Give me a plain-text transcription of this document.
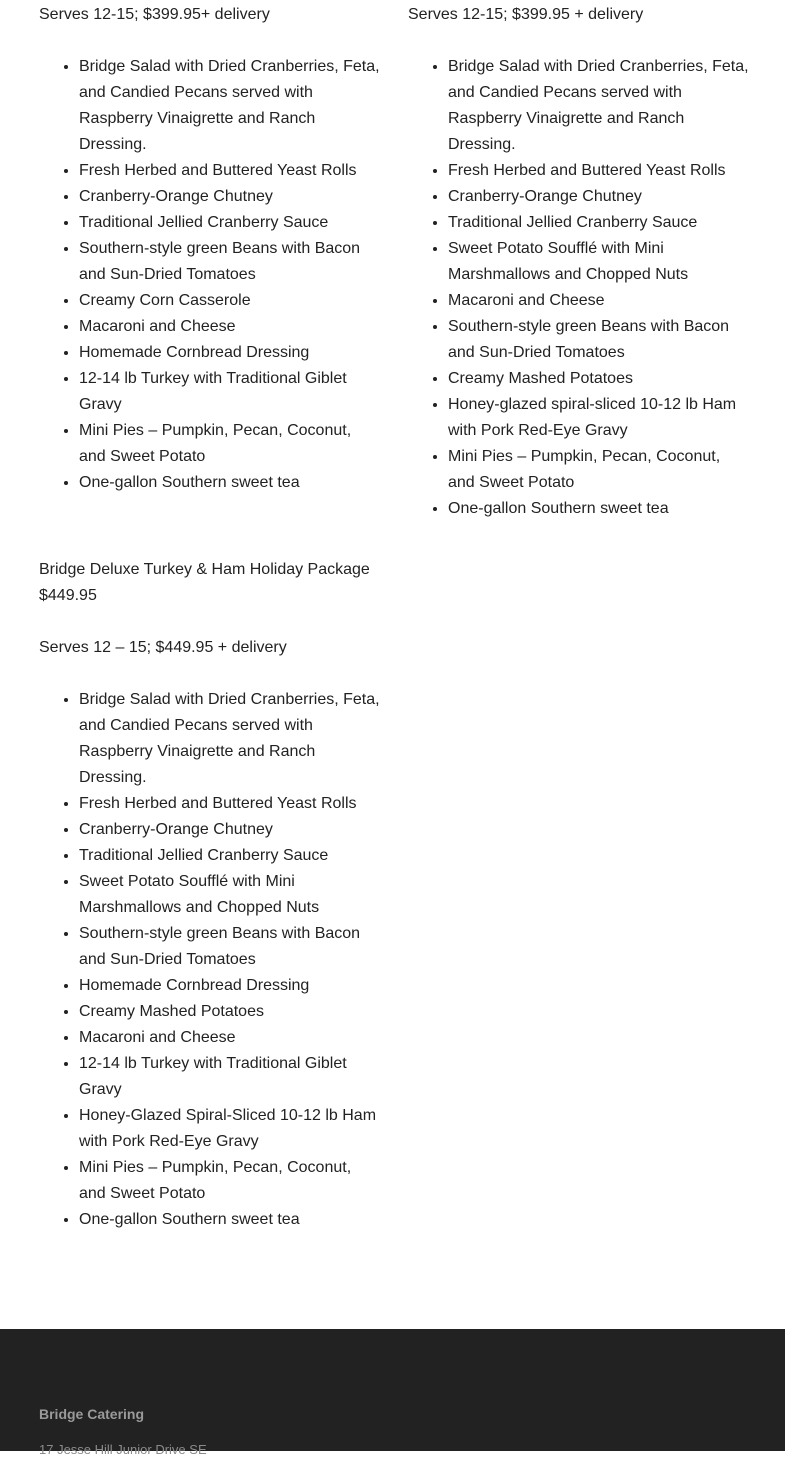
Serves 12-15; $399.95+ delivery

• Bridge Salad with Dried Cranberries, Feta, and Candied Pecans served with Raspberry Vinaigrette and Ranch Dressing.
• Fresh Herbed and Buttered Yeast Rolls
• Cranberry-Orange Chutney
• Traditional Jellied Cranberry Sauce
• Southern-style green Beans with Bacon and Sun-Dried Tomatoes
• Creamy Corn Casserole
• Macaroni and Cheese
• Homemade Cornbread Dressing
• 12-14 lb Turkey with Traditional Giblet Gravy
• Mini Pies – Pumpkin, Pecan, Coconut, and Sweet Potato
• One-gallon Southern sweet tea

Serves 12-15; $399.95 + delivery

• Bridge Salad with Dried Cranberries, Feta, and Candied Pecans served with Raspberry Vinaigrette and Ranch Dressing.
• Fresh Herbed and Buttered Yeast Rolls
• Cranberry-Orange Chutney
• Traditional Jellied Cranberry Sauce
• Sweet Potato Soufflé with Mini Marshmallows and Chopped Nuts
• Macaroni and Cheese
• Southern-style green Beans with Bacon and Sun-Dried Tomatoes
• Creamy Mashed Potatoes
• Honey-glazed spiral-sliced 10-12 lb Ham with Pork Red-Eye Gravy
• Mini Pies – Pumpkin, Pecan, Coconut, and Sweet Potato
• One-gallon Southern sweet tea

Bridge Deluxe Turkey & Ham Holiday Package

$449.95

Serves 12 – 15; $449.95 + delivery

• Bridge Salad with Dried Cranberries, Feta, and Candied Pecans served with Raspberry Vinaigrette and Ranch Dressing.
• Fresh Herbed and Buttered Yeast Rolls
• Cranberry-Orange Chutney
• Traditional Jellied Cranberry Sauce
• Sweet Potato Soufflé with Mini Marshmallows and Chopped Nuts
• Southern-style green Beans with Bacon and Sun-Dried Tomatoes
• Homemade Cornbread Dressing
• Creamy Mashed Potatoes
• Macaroni and Cheese
• 12-14 lb Turkey with Traditional Giblet Gravy
• Honey-Glazed Spiral-Sliced 10-12 lb Ham with Pork Red-Eye Gravy
• Mini Pies – Pumpkin, Pecan, Coconut, and Sweet Potato
• One-gallon Southern sweet tea

Bridge Catering

17 Jesse Hill Junior Drive SE
